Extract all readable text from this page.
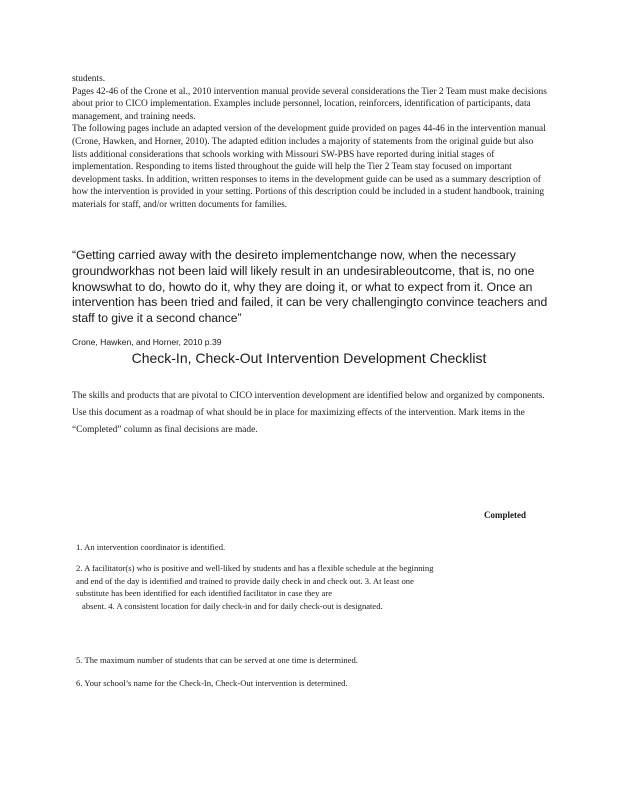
students.
Pages 42-46 of the Crone et al., 2010 intervention manual provide several considerations the Tier 2 Team must make decisions about prior to CICO implementation. Examples include personnel, location, reinforcers, identification of participants, data management, and training needs.
The following pages include an adapted version of the development guide provided on pages 44-46 in the intervention manual (Crone, Hawken, and Horner, 2010). The adapted edition includes a majority of statements from the original guide but also lists additional considerations that schools working with Missouri SW-PBS have reported during initial stages of implementation. Responding to items listed throughout the guide will help the Tier 2 Team stay focused on important development tasks. In addition, written responses to items in the development guide can be used as a summary description of how the intervention is provided in your setting. Portions of this description could be included in a student handbook, training materials for staff, and/or written documents for families.
“Getting carried away with the desireto implementchange now, when the necessary groundworkhas not been laid will likely result in an undesirableoutcome, that is, no one knowswhat to do, howto do it, why they are doing it, or what to expect from it. Once an intervention has been tried and failed, it can be very challengingto convince teachers and staff to give it a second chance”
Crone, Hawken, and Horner, 2010 p.39
Check-In, Check-Out Intervention Development Checklist
The skills and products that are pivotal to CICO intervention development are identified below and organized by components. Use this document as a roadmap of what should be in place for maximizing effects of the intervention. Mark items in the “Completed” column as final decisions are made.
Completed
1. An intervention coordinator is identified.
2. A facilitator(s) who is positive and well-liked by students and has a flexible schedule at the beginning and end of the day is identified and trained to provide daily check in and check out. 3. At least one substitute has been identified for each identified facilitator in case they are
absent. 4. A consistent location for daily check-in and for daily check-out is designated.
5. The maximum number of students that can be served at one time is determined.
6. Your school’s name for the Check-In, Check-Out intervention is determined.
